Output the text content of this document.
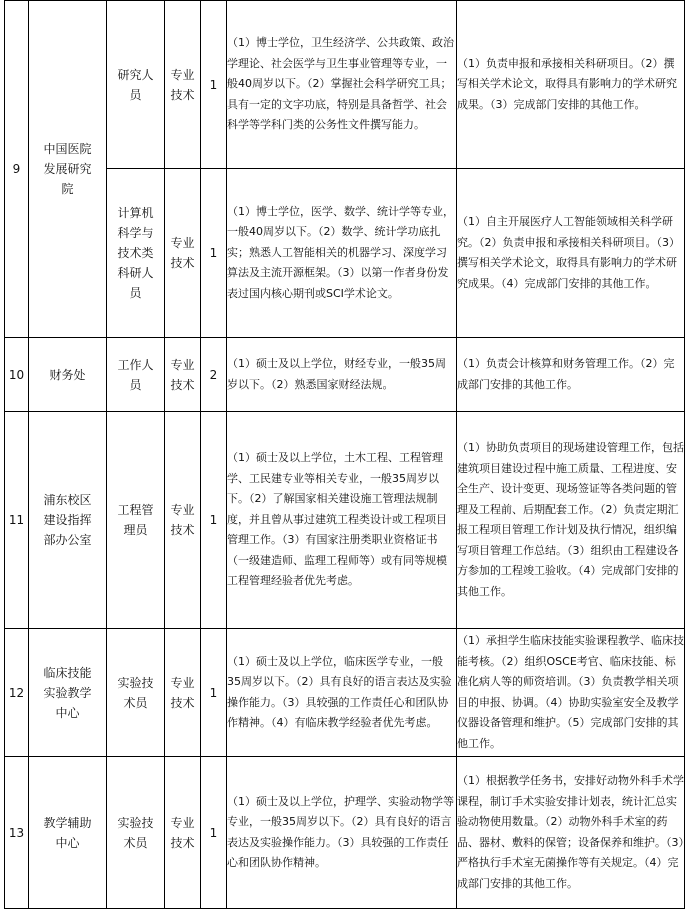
9	中国医院
发展研究
院	研究人
员	专业
技术	1	（1）博士学位，卫生经济学、公共政策、政治学理论、社会医学与卫生事业管理等专业，一般40周岁以下。（2）掌握社会科学研究工具；具有一定的文字功底，特别是具备哲学、社会科学等学科门类的公务性文件撰写能力。	（1）负责申报和承接相关科研项目。（2）撰写相关学术论文，取得具有影响力的学术研究成果。（3）完成部门安排的其他工作。

		计算机
科学与
技术类
科研人
员	专业
技术	1	（1）博士学位，医学、数学、统计学等专业，一般40周岁以下。（2）数学、统计学功底扎实；熟悉人工智能相关的机器学习、深度学习算法及主流开源框架。（3）以第一作者身份发表过国内核心期刊或SCI学术论文。	（1）自主开展医疗人工智能领域相关科学研究。（2）负责申报和承接相关科研项目。（3）撰写相关学术论文，取得具有影响力的学术研究成果。（4）完成部门安排的其他工作。
10	财务处	工作人
员	专业
技术	2	（1）硕士及以上学位，财经专业，一般35周岁以下。（2）熟悉国家财经法规。	（1）负责会计核算和财务管理工作。（2）完成部门安排的其他工作。
11	浦东校区
建设指挥
部办公室	工程管
理员	专业
技术	1	（1）硕士及以上学位，土木工程、工程管理学、工民建专业等相关专业，一般35周岁以下。（2）了解国家相关建设施工管理法规制度，并且曾从事过建筑工程类设计或工程项目管理工作。（3）有国家注册类职业资格证书（一级建造师、监理工程师等）或有同等规模工程管理经验者优先考虑。	（1）协助负责项目的现场建设管理工作，包括建筑项目建设过程中施工质量、工程进度、安全生产、设计变更、现场签证等各类问题的管理及工程前、后期配套工作。（2）负责定期汇报工程项目管理工作计划及执行情况，组织编写项目管理工作总结。（3）组织由工程建设各方参加的工程竣工验收。（4）完成部门安排的其他工作。
12	临床技能
实验教学
中心	实验技
术员	专业
技术	1	（1）硕士及以上学位，临床医学专业，一般35周岁以下。（2）具有良好的语言表达及实验操作能力。（3）具较强的工作责任心和团队协作精神。（4）有临床教学经验者优先考虑。	（1）承担学生临床技能实验课程教学、临床技能考核。（2）组织OSCE考官、临床技能、标准化病人等的师资培训。（3）负责教学相关项目的申报、协调。（4）协助实验室安全及教学仪器设备管理和维护。（5）完成部门安排的其他工作。
13	教学辅助
中心	实验技
术员	专业
技术	1	（1）硕士及以上学位，护理学、实验动物学等专业，一般35周岁以下。（2）具有良好的语言表达及实验操作能力。（3）具较强的工作责任心和团队协作精神。	（1）根据教学任务书，安排好动物外科手术学课程，制订手术实验安排计划表，统计汇总实验动物使用数量。（2）动物外科手术室的药品、器材、敷料的保管；设备保养和维护。（3）严格执行手术室无菌操作等有关规定。（4）完成部门安排的其他工作。
